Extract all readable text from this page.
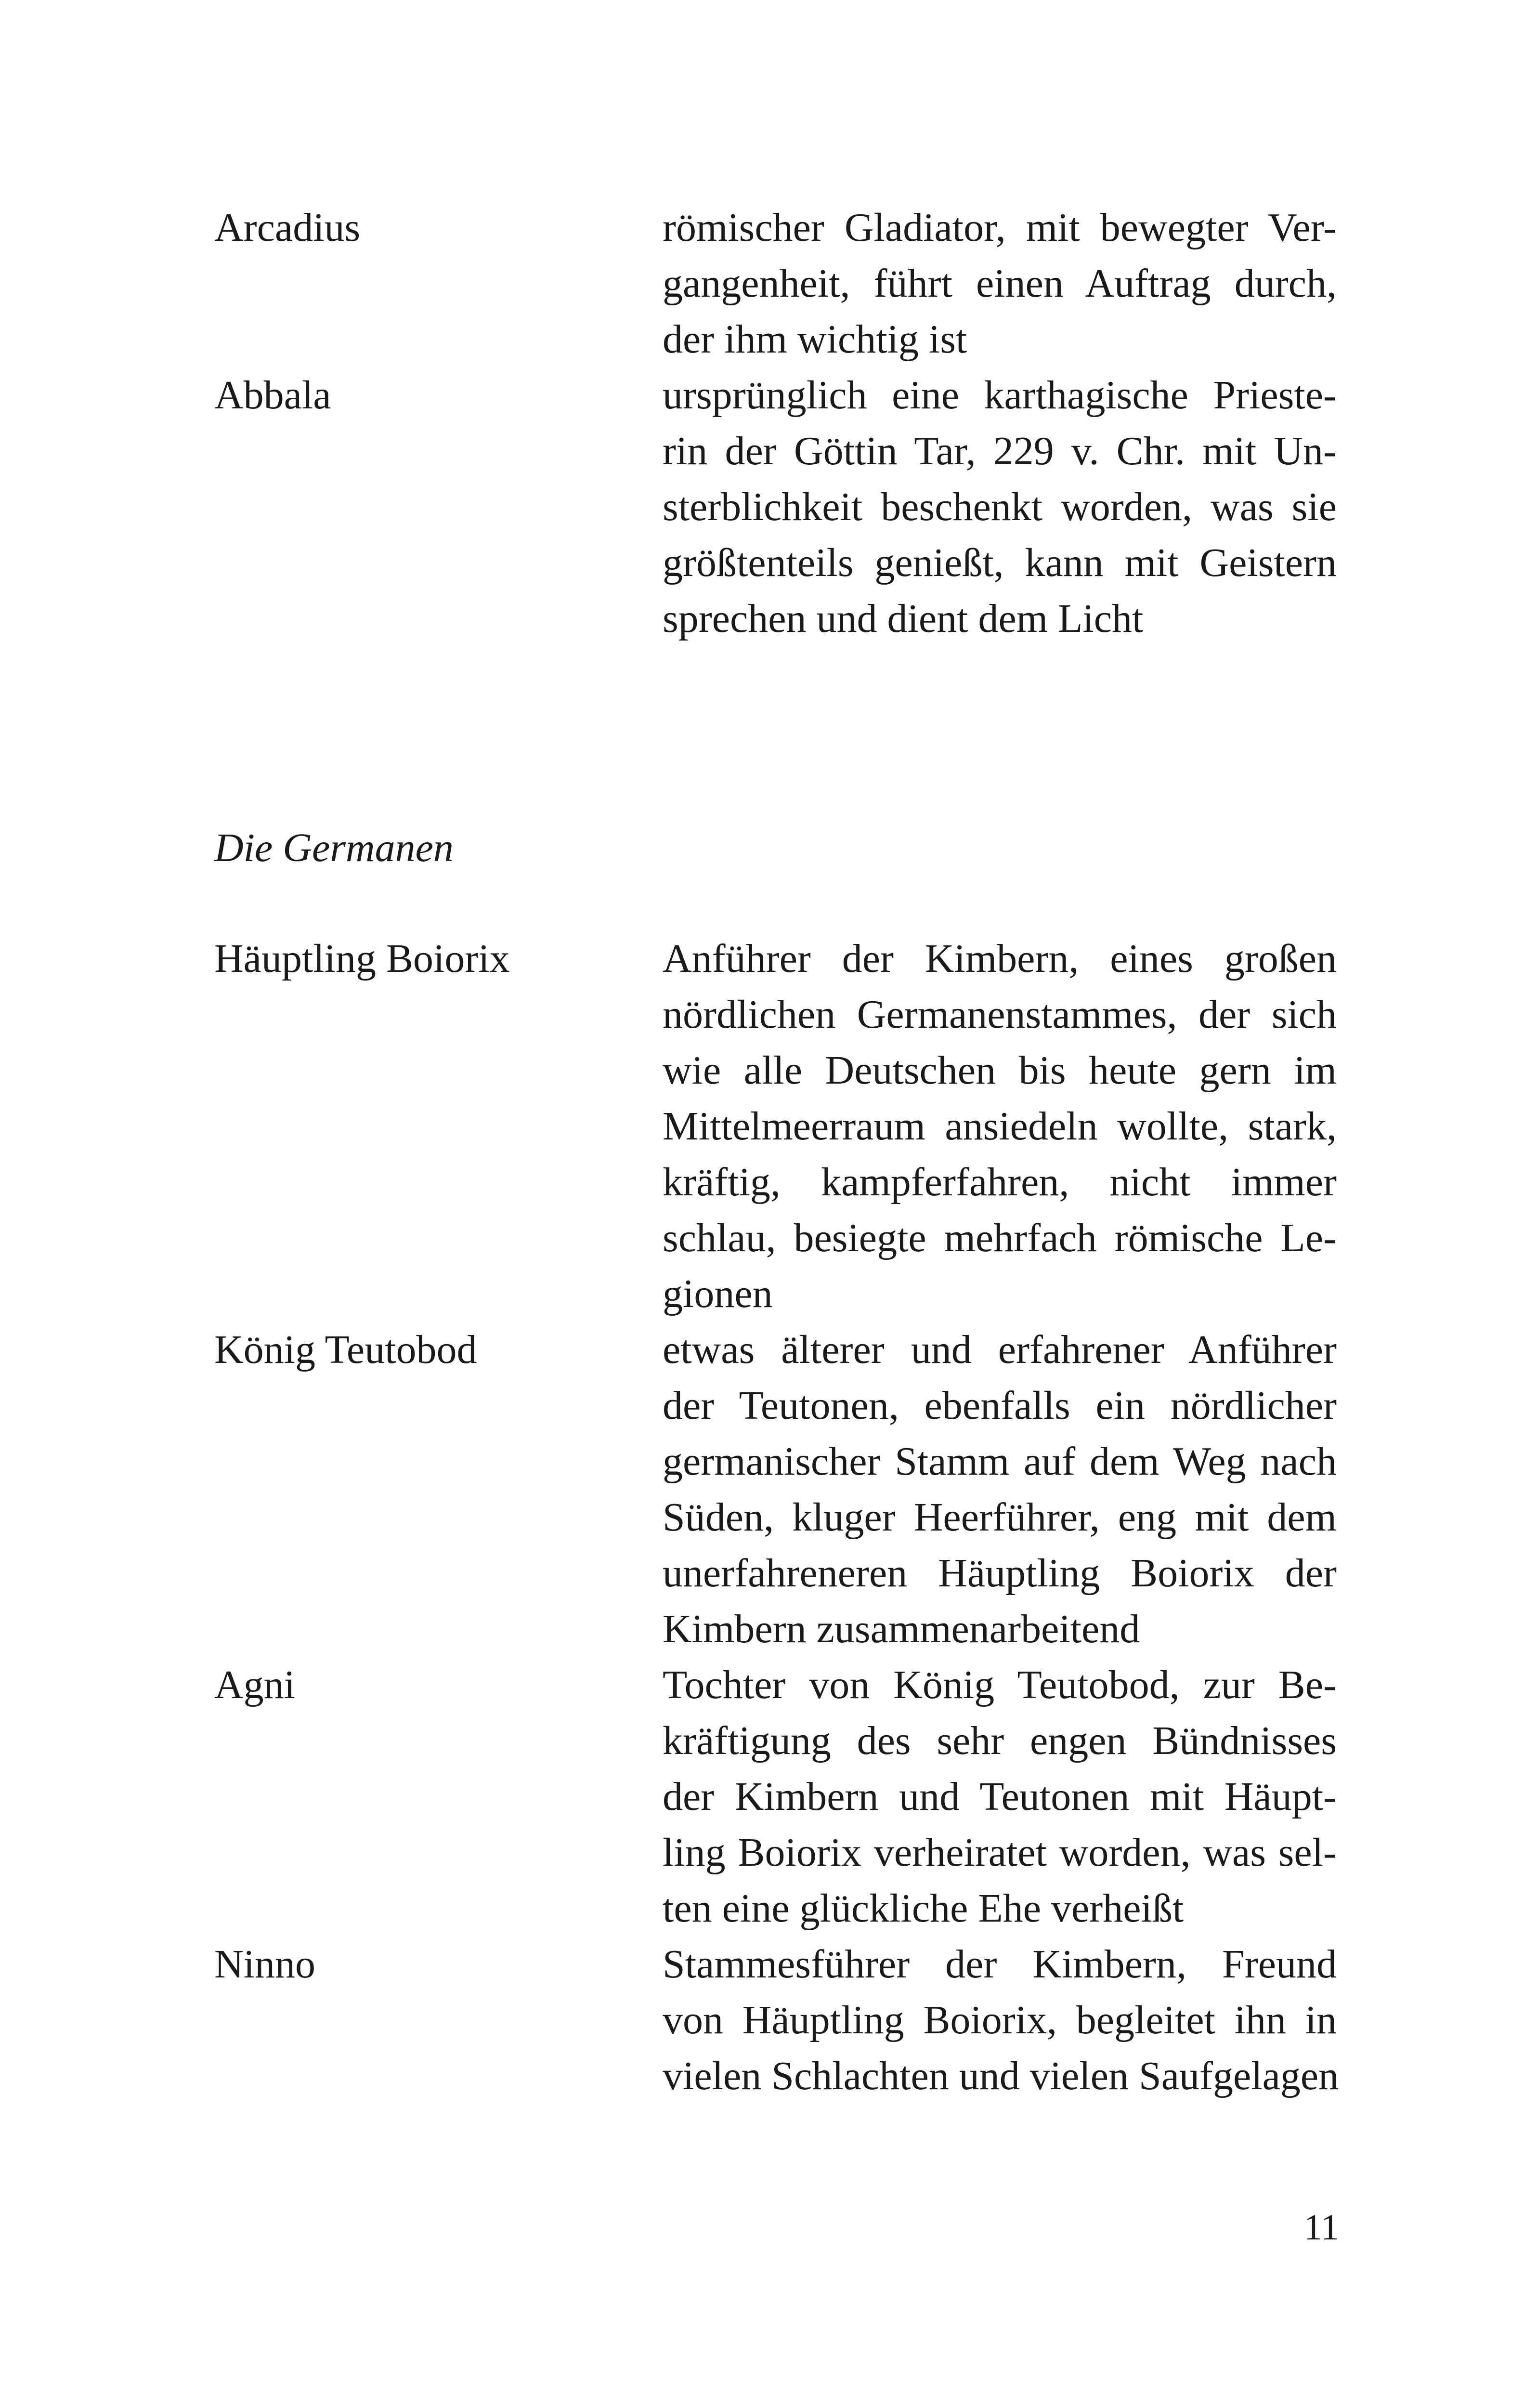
Arcadius	römischer Gladiator, mit bewegter Ver-
gangenheit, führt einen Auftrag durch,
der ihm wichtig ist
Abbala	ursprünglich eine karthagische Prieste-
rin der Göttin Tar, 229 v. Chr. mit Un-
sterblichkeit beschenkt worden, was sie
größtenteils genießt, kann mit Geistern
sprechen und dient dem Licht
Die Germanen
Häuptling Boiorix	Anführer der Kimbern, eines großen
nördlichen Germanenstammes, der sich
wie alle Deutschen bis heute gern im
Mittelmeerraum ansiedeln wollte, stark,
kräftig, kampferfahren, nicht immer
schlau, besiegte mehrfach römische Le-
gionen
König Teutobod	etwas älterer und erfahrener Anführer
der Teutonen, ebenfalls ein nördlicher
germanischer Stamm auf dem Weg nach
Süden, kluger Heerführer, eng mit dem
unerfahreneren Häuptling Boiorix der
Kimbern zusammenarbeitend
Agni	Tochter von König Teutobod, zur Be-
kräftigung des sehr engen Bündnisses
der Kimbern und Teutonen mit Häupt-
ling Boiorix verheiratet worden, was sel-
ten eine glückliche Ehe verheißt
Ninno	Stammesführer der Kimbern, Freund
von Häuptling Boiorix, begleitet ihn in
vielen Schlachten und vielen Saufgelagen
11
